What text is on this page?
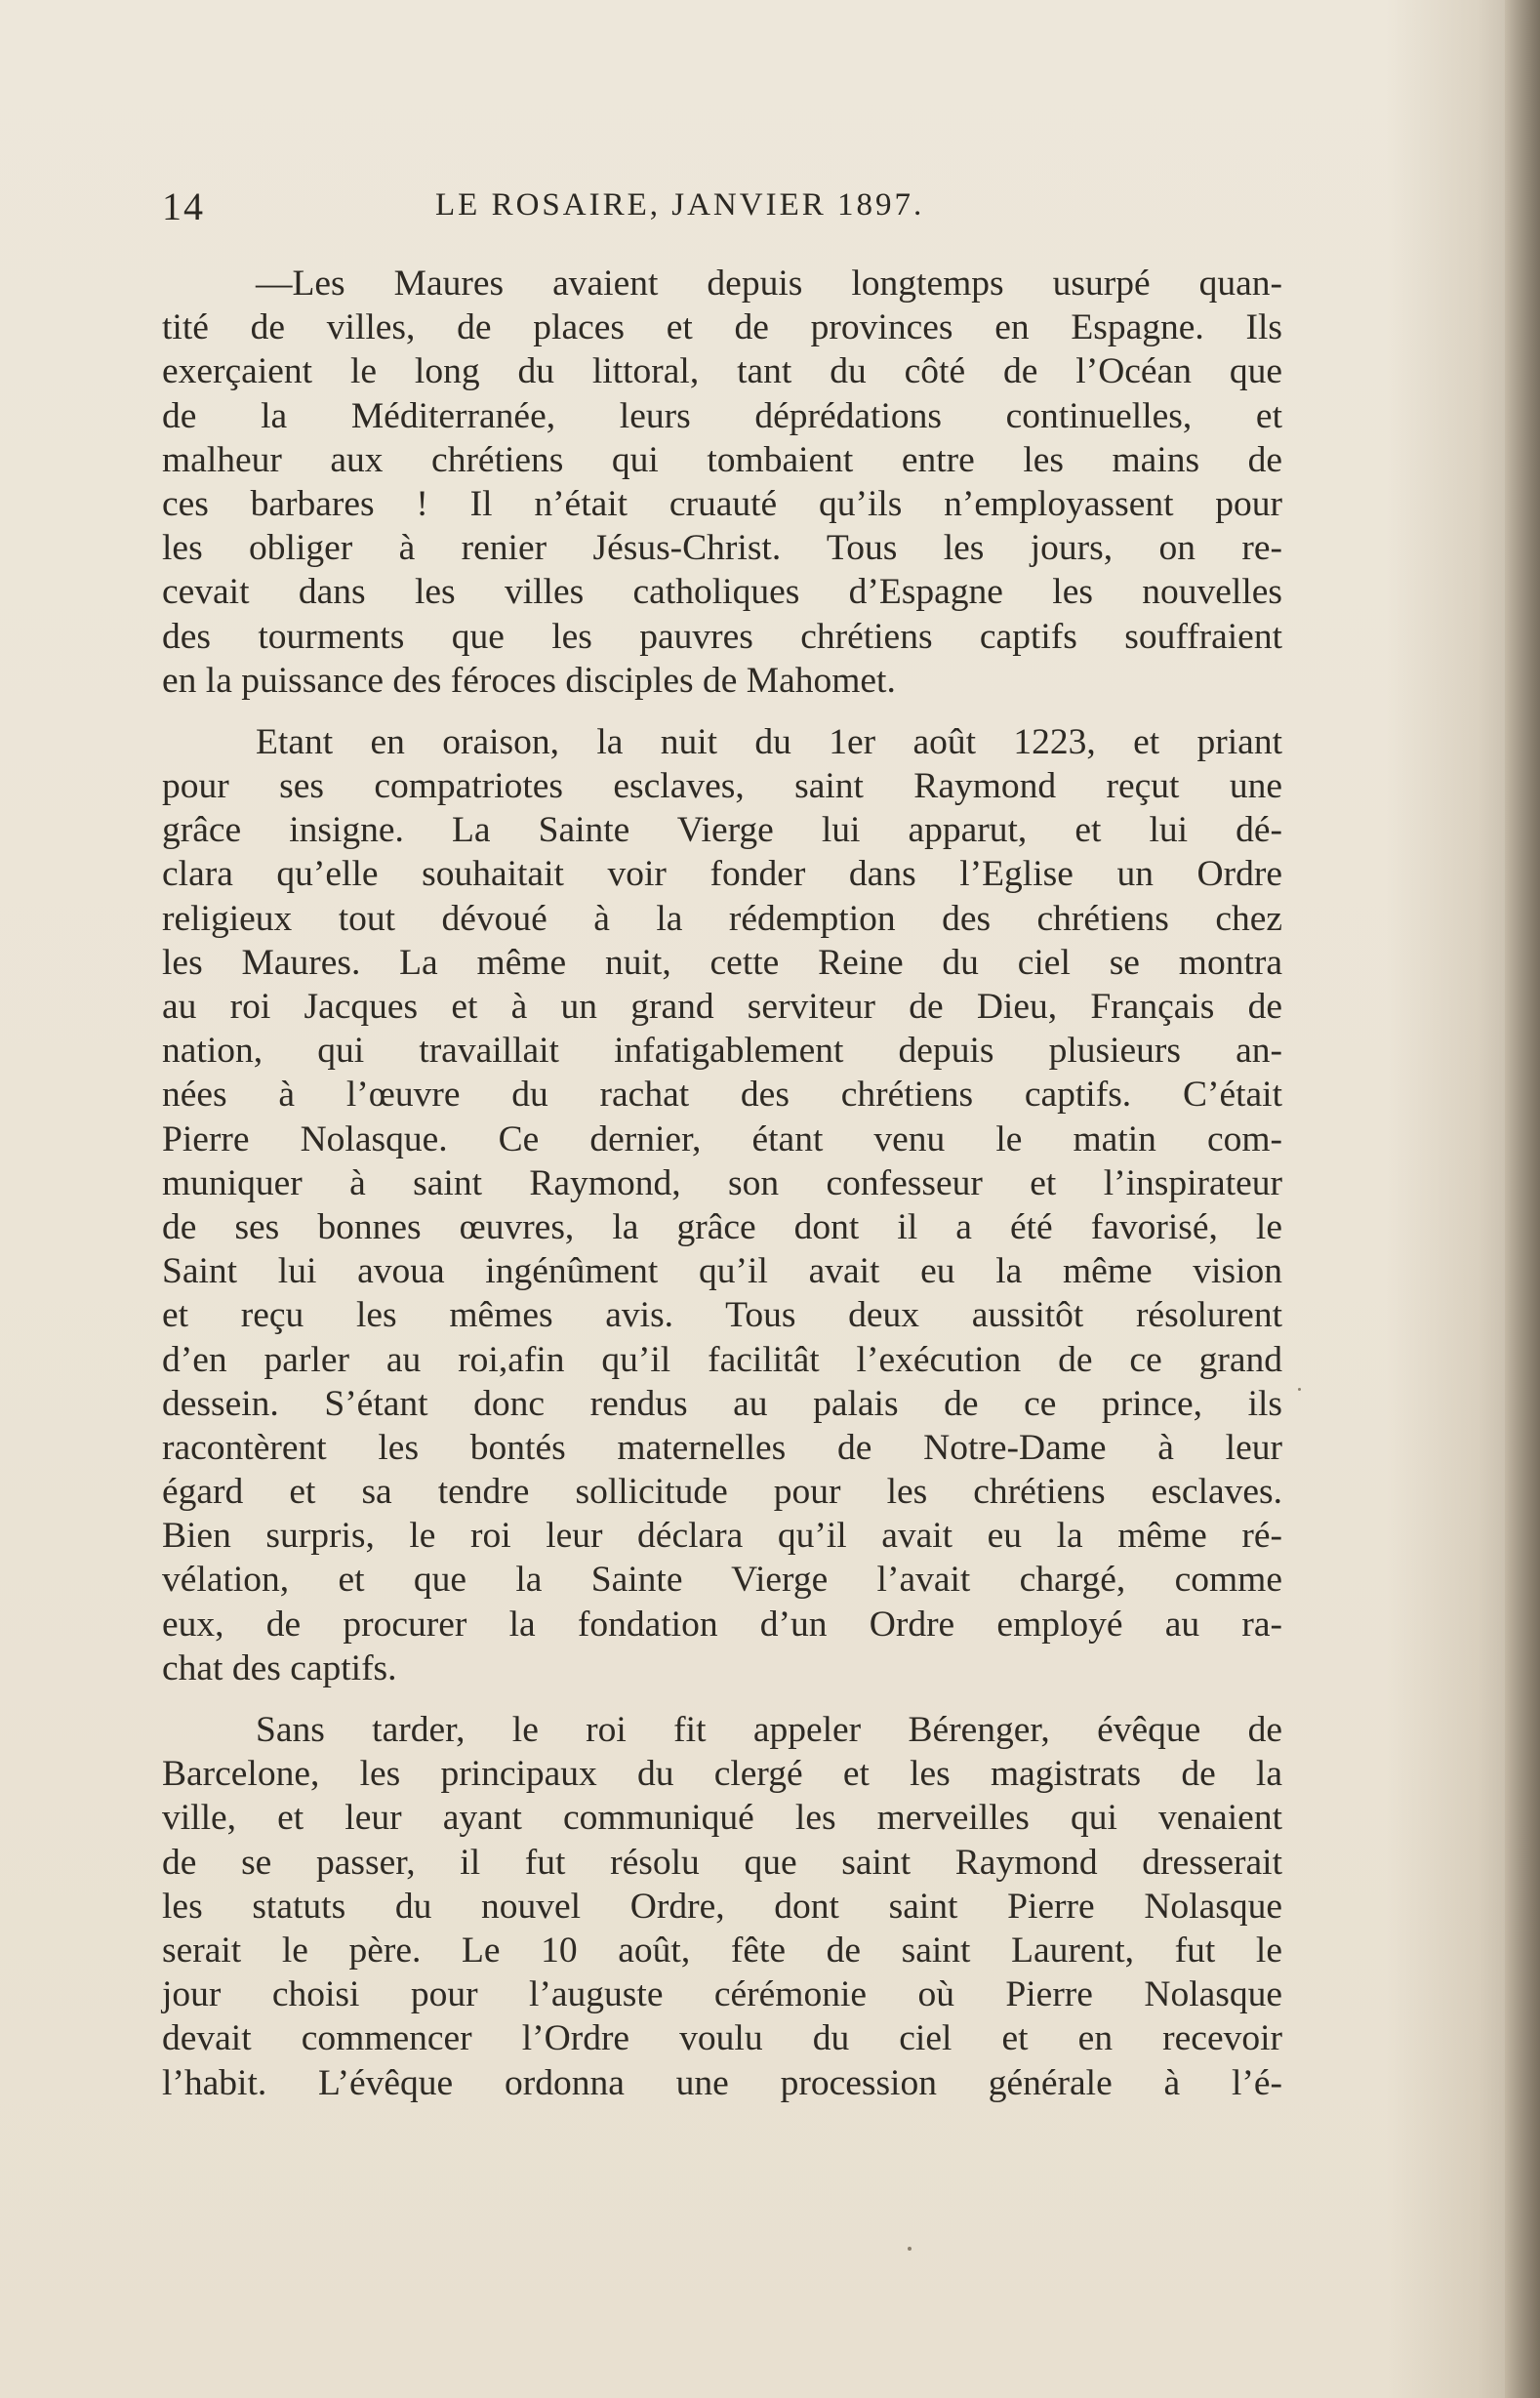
14	LE ROSAIRE, JANVIER 1897.
—Les Maures avaient depuis longtemps usurpé quan-
tité de villes, de places et de provinces en Espagne. Ils
exerçaient le long du littoral, tant du côté de l’Océan que
de la Méditerranée, leurs déprédations continuelles, et
malheur aux chrétiens qui tombaient entre les mains de
ces barbares ! Il n’était cruauté qu’ils n’employassent pour
les obliger à renier Jésus-Christ. Tous les jours, on re-
cevait dans les villes catholiques d’Espagne les nouvelles
des tourments que les pauvres chrétiens captifs souffraient
en la puissance des féroces disciples de Mahomet.
Etant en oraison, la nuit du 1er août 1223, et priant
pour ses compatriotes esclaves, saint Raymond reçut une
grâce insigne. La Sainte Vierge lui apparut, et lui dé-
clara qu’elle souhaitait voir fonder dans l’Eglise un Ordre
religieux tout dévoué à la rédemption des chrétiens chez
les Maures. La même nuit, cette Reine du ciel se montra
au roi Jacques et à un grand serviteur de Dieu, Français de
nation, qui travaillait infatigablement depuis plusieurs an-
nées à l’œuvre du rachat des chrétiens captifs. C’était
Pierre Nolasque. Ce dernier, étant venu le matin com-
muniquer à saint Raymond, son confesseur et l’inspirateur
de ses bonnes œuvres, la grâce dont il a été favorisé, le
Saint lui avoua ingénûment qu’il avait eu la même vision
et reçu les mêmes avis. Tous deux aussitôt résolurent
d’en parler au roi,afin qu’il facilitât l’exécution de ce grand
dessein. S’étant donc rendus au palais de ce prince, ils
racontèrent les bontés maternelles de Notre-Dame à leur
égard et sa tendre sollicitude pour les chrétiens esclaves.
Bien surpris, le roi leur déclara qu’il avait eu la même ré-
vélation, et que la Sainte Vierge l’avait chargé, comme
eux, de procurer la fondation d’un Ordre employé au ra-
chat des captifs.
Sans tarder, le roi fit appeler Bérenger, évêque de
Barcelone, les principaux du clergé et les magistrats de la
ville, et leur ayant communiqué les merveilles qui venaient
de se passer, il fut résolu que saint Raymond dresserait
les statuts du nouvel Ordre, dont saint Pierre Nolasque
serait le père. Le 10 août, fête de saint Laurent, fut le
jour choisi pour l’auguste cérémonie où Pierre Nolasque
devait commencer l’Ordre voulu du ciel et en recevoir
l’habit. L’évêque ordonna une procession générale à l’é-
